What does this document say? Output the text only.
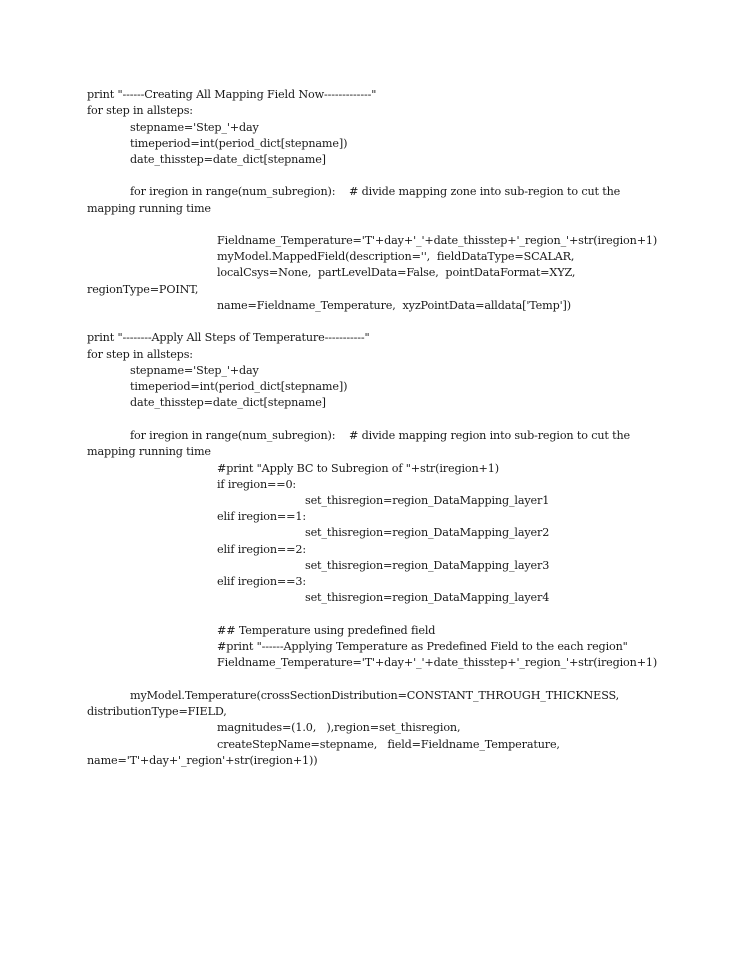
print "------Creating All Mapping Field Now-------------"
for step in allsteps:
stepname='Step_'+day
timeperiod=int(period_dict[stepname])
date_thisstep=date_dict[stepname]
for iregion in range(num_subregion):    # divide mapping zone into sub-region to cut the
mapping running time
Fieldname_Temperature='T'+day+'_'+date_thisstep+'_region_'+str(iregion+1)
myModel.MappedField(description='',  fieldDataType=SCALAR,
localCsys=None,  partLevelData=False,  pointDataFormat=XYZ,
regionType=POINT,
name=Fieldname_Temperature,  xyzPointData=alldata['Temp'])
print "--------Apply All Steps of Temperature-----------"
for step in allsteps:
stepname='Step_'+day
timeperiod=int(period_dict[stepname])
date_thisstep=date_dict[stepname]
for iregion in range(num_subregion):    # divide mapping region into sub-region to cut the
mapping running time
#print "Apply BC to Subregion of "+str(iregion+1)
if iregion==0:
set_thisregion=region_DataMapping_layer1
elif iregion==1:
set_thisregion=region_DataMapping_layer2
elif iregion==2:
set_thisregion=region_DataMapping_layer3
elif iregion==3:
set_thisregion=region_DataMapping_layer4
## Temperature using predefined field
#print "------Applying Temperature as Predefined Field to the each region"
Fieldname_Temperature='T'+day+'_'+date_thisstep+'_region_'+str(iregion+1)
myModel.Temperature(crossSectionDistribution=CONSTANT_THROUGH_THICKNESS,
distributionType=FIELD,
magnitudes=(1.0,   ),region=set_thisregion,
createStepName=stepname,   field=Fieldname_Temperature,
name='T'+day+'_region'+str(iregion+1))
